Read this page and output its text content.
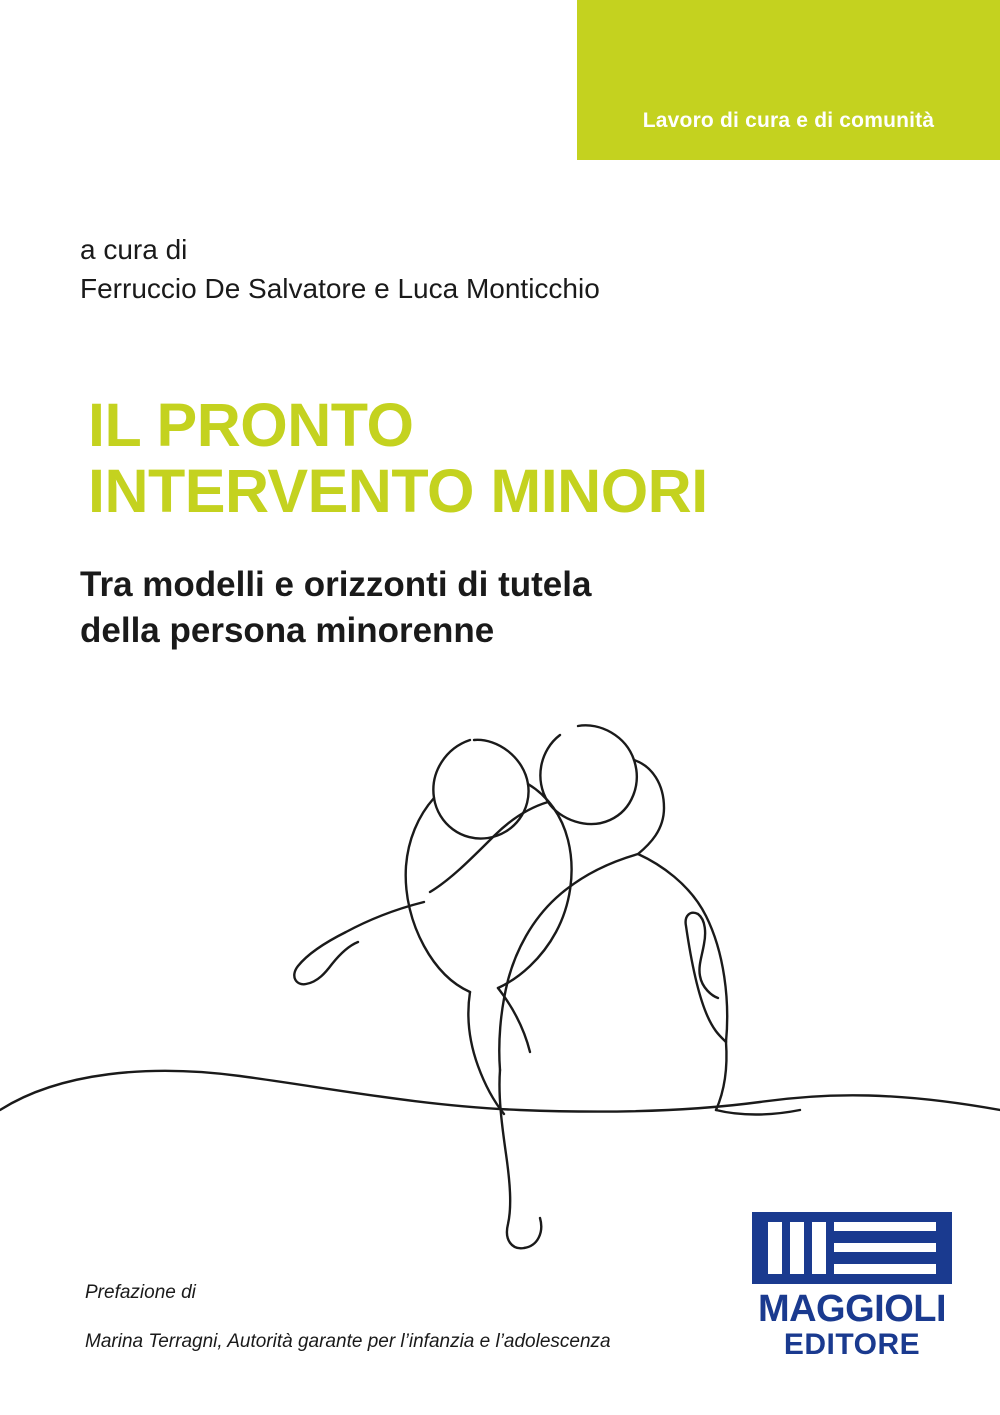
Lavoro di cura e di comunità
a cura di
Ferruccio De Salvatore e Luca Monticchio
IL PRONTO
INTERVENTO MINORI
Tra modelli e orizzonti di tutela
della persona minorenne
Prefazione di
Marina Terragni, Autorità garante per l’infanzia e l’adolescenza
MAGGIOLI
EDITORE
